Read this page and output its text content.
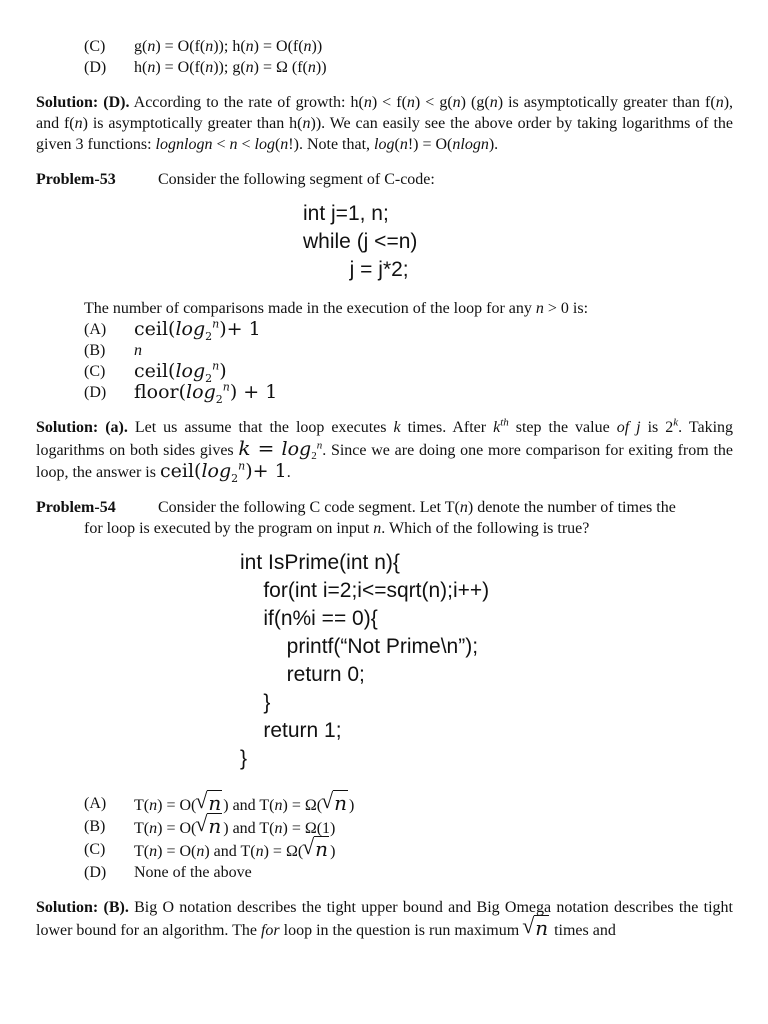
(C)	g(n) = O(f(n)); h(n) = O(f(n))
(D)	h(n) = O(f(n)); g(n) = Ω (f(n))

Solution: (D). According to the rate of growth: h(n) < f(n) < g(n) (g(n) is asymptotically greater than f(n), and f(n) is asymptotically greater than h(n)). We can easily see the above order by taking logarithms of the given 3 functions: lognlogn < n < log(n!). Note that, log(n!) = O(nlogn).

Problem-53	Consider the following segment of C-code:
int j=1, n;
while (j <=n)
j = j*2;

The number of comparisons made in the execution of the loop for any n > 0 is:

(A)	$ceil(\log_2^n)+ 1$
(B)	n
(C)	$ceil(\log_2^n)$
(D)	$floor(\log_2^n) + 1$

Solution: (a). Let us assume that the loop executes k times. After $k^{th}$ step the value of j is 2$^k$. Taking logarithms on both sides gives $k = \log_2^n$. Since we are doing one more comparison for exiting from the loop, the answer is $ceil(\log_2^n)+ 1$.

Problem-54	Consider the following C code segment. Let T(n) denote the number of times the

for loop is executed by the program on input n. Which of the following is true?

int IsPrime(int n){
for(int i=2;i<=sqrt(n);i++)
if(n%i == 0){
printf(“Not Prime\n”);
return 0;
}
return 1;
}
(A)	T(n) = O( √ n ) and T(n) = Ω( √ n )
(B)	T(n) = O( √ n ) and T(n) = Ω(1)
(C)	T(n) = O(n) and T(n) = Ω( √ n )
(D)	None of the above

Solution: (B). Big O notation describes the tight upper bound and Big Omega notation describes the tight lower bound for an algorithm. The for loop in the question is run maximum √ n times and
